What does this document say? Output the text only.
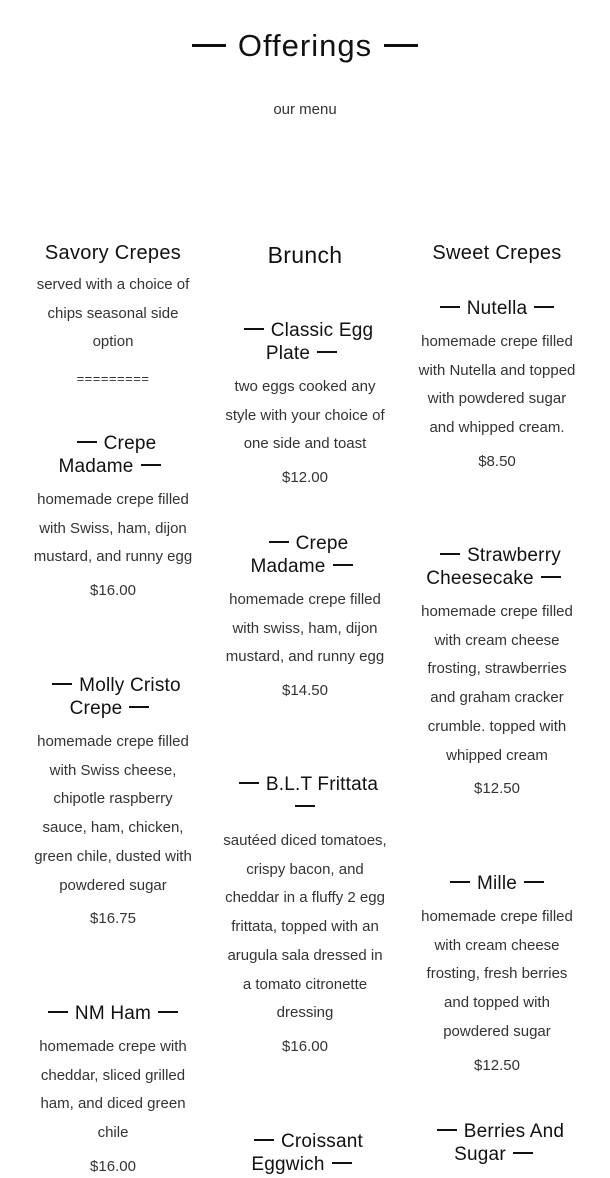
Offerings
our menu
Savory Crepes
served with a choice of chips seasonal side option
=========
Crepe Madame
homemade crepe filled with Swiss, ham, dijon mustard, and runny egg
$16.00
Molly Cristo Crepe
homemade crepe filled with Swiss cheese, chipotle raspberry sauce, ham, chicken, green chile, dusted with powdered sugar
$16.75
NM Ham
homemade crepe with cheddar, sliced grilled ham, and diced green chile
$16.00
Brunch
Classic Egg Plate
two eggs cooked any style with your choice of one side and toast
$12.00
Crepe Madame
homemade crepe filled with swiss, ham, dijon mustard, and runny egg
$14.50
B.L.T Frittata

sautéed diced tomatoes, crispy bacon, and cheddar in a fluffy 2 egg frittata, topped with an arugula sala dressed in a tomato citronette dressing
$16.00
Croissant Eggwich
Sweet Crepes
Nutella
homemade crepe filled with Nutella and topped with powdered sugar and whipped cream.
$8.50
Strawberry Cheesecake
homemade crepe filled with cream cheese frosting, strawberries and graham cracker crumble. topped with whipped cream
$12.50
Mille
homemade crepe filled with cream cheese frosting, fresh berries and topped with powdered sugar
$12.50
Berries And Sugar
